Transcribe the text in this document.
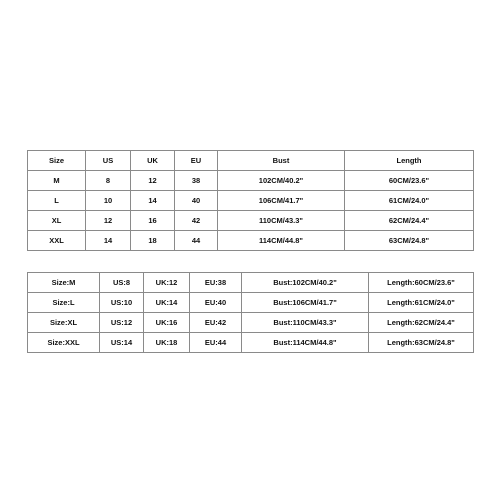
Size	US	UK	EU	Bust	Length
M	8	12	38	102CM/40.2"	60CM/23.6"
L	10	14	40	106CM/41.7"	61CM/24.0"
XL	12	16	42	110CM/43.3"	62CM/24.4"
XXL	14	18	44	114CM/44.8"	63CM/24.8"
Size:M	US:8	UK:12	EU:38	Bust:102CM/40.2"	Length:60CM/23.6"
Size:L	US:10	UK:14	EU:40	Bust:106CM/41.7"	Length:61CM/24.0"
Size:XL	US:12	UK:16	EU:42	Bust:110CM/43.3"	Length:62CM/24.4"
Size:XXL	US:14	UK:18	EU:44	Bust:114CM/44.8"	Length:63CM/24.8"
